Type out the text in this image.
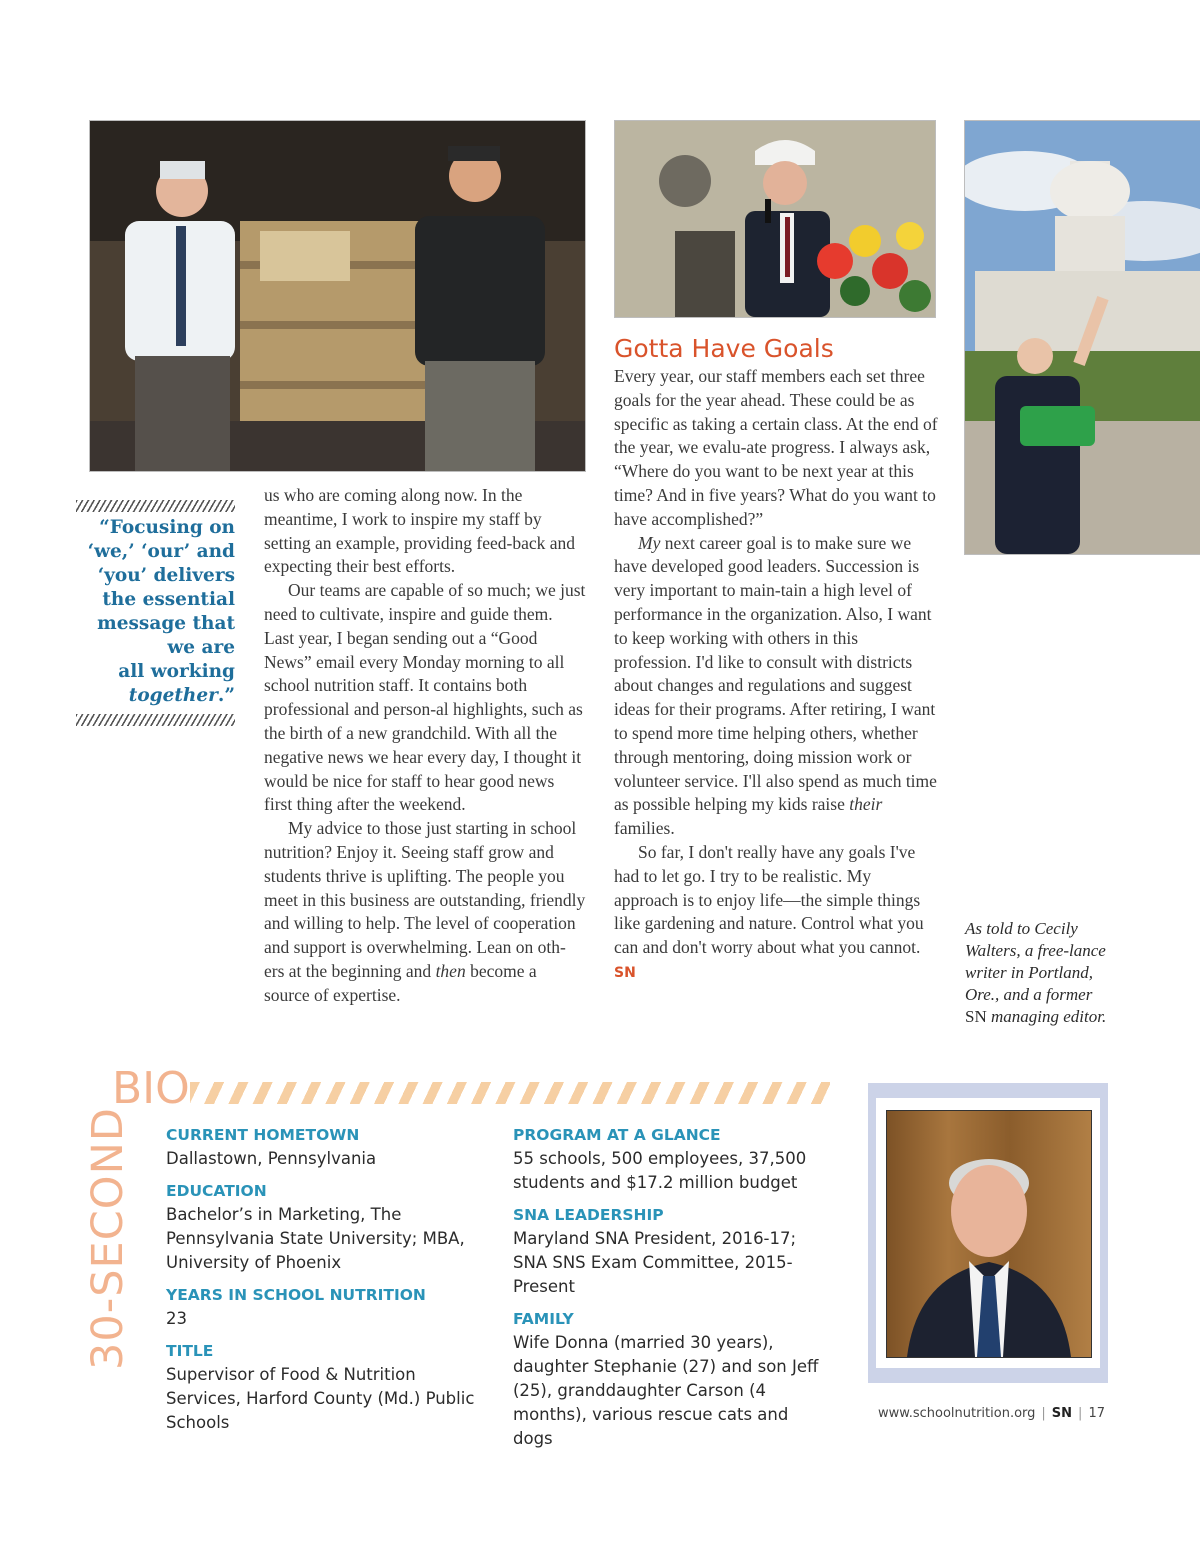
“Focusing on
‘we,’ ‘our’ and
‘you’ delivers
the essential
message that
we are
all working
together.”

us who are coming along now. In the meantime, I work to inspire my staff by setting an example, providing feed-back and expecting their best efforts.

Our teams are capable of so much; we just need to cultivate, inspire and guide them. Last year, I began sending out a “Good News” email every Monday morning to all school nutrition staff. It contains both professional and person-al highlights, such as the birth of a new grandchild. With all the negative news we hear every day, I thought it would be nice for staff to hear good news first thing after the weekend.

My advice to those just starting in school nutrition? Enjoy it. Seeing staff grow and students thrive is uplifting. The people you meet in this business are outstanding, friendly and willing to help. The level of cooperation and support is overwhelming. Lean on oth-ers at the beginning and then become a source of expertise.

Gotta Have Goals

Every year, our staff members each set three goals for the year ahead. These could be as specific as taking a certain class. At the end of the year, we evalu-ate progress. I always ask, “Where do you want to be next year at this time? And in five years? What do you want to have accomplished?”

My next career goal is to make sure we have developed good leaders. Succession is very important to main-tain a high level of performance in the organization. Also, I want to keep working with others in this profession. I'd like to consult with districts about changes and regulations and suggest ideas for their programs. After retiring, I want to spend more time helping others, whether through mentoring, doing mission work or volunteer service. I'll also spend as much time as possible helping my kids raise their families.

So far, I don't really have any goals I've had to let go. I try to be realistic. My approach is to enjoy life—the simple things like gardening and nature. Control what you can and don't worry about what you cannot. SN

As told to Cecily Walters, a free-lance writer in Portland, Ore., and a former SN managing editor.
BIO
30-SECOND CURRENT HOMETOWN
Dallastown, Pennsylvania
EDUCATION
Bachelor’s in Marketing, The Pennsylvania State University; MBA, University of Phoenix
YEARS IN SCHOOL NUTRITION
23
TITLE
Supervisor of Food & Nutrition Services, Harford County (Md.) Public Schools
PROGRAM AT A GLANCE
55 schools, 500 employees, 37,500 students and $17.2 million budget
SNA LEADERSHIP
Maryland SNA President, 2016-17; SNA SNS Exam Committee, 2015-Present
FAMILY
Wife Donna (married 30 years), daughter Stephanie (27) and son Jeff (25), granddaughter Carson (4 months), various rescue cats and dogs
www.schoolnutrition.org | SN | 17
